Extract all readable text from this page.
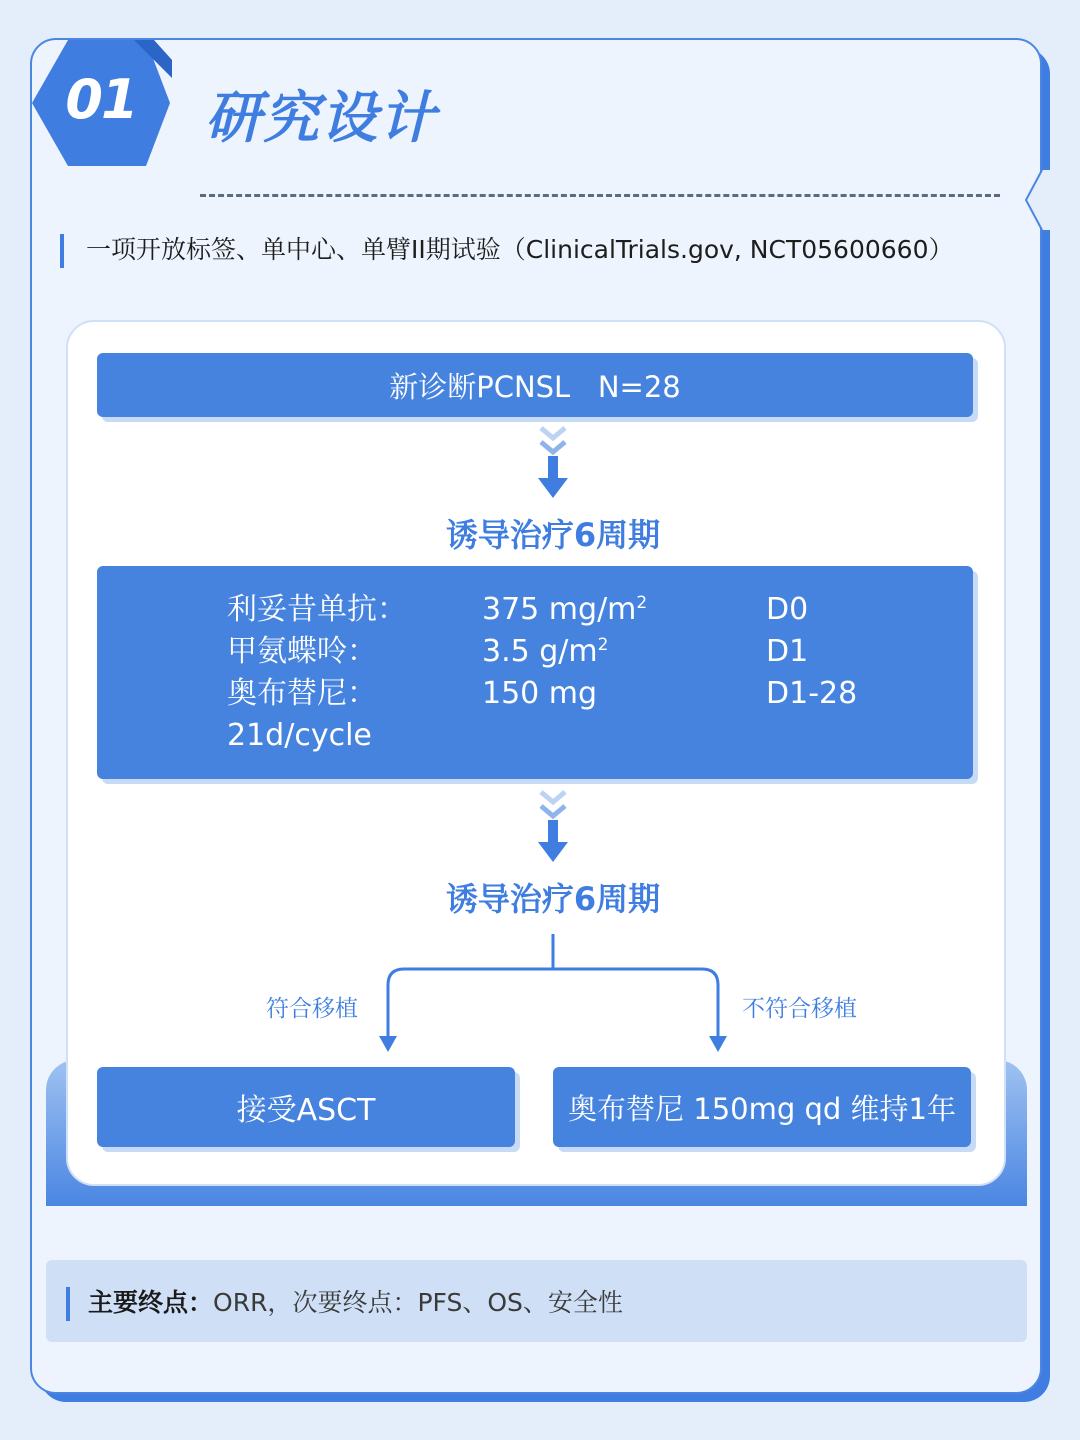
01	研究设计
一项开放标签、单中心、单臂II期试验（ClinicalTrials.gov, NCT05600660）
新诊断PCNSL   N=28
诱导治疗6周期
利妥昔单抗：	375 $mg/m^2$	D0
甲氨蝶呤：	3.5 $g/m^2$	D1
奥布替尼：	150 mg	D1-28
21d/cycle
诱导治疗6周期
符合移植	不符合移植
接受ASCT	奥布替尼 150mg qd 维持1年
主要终点：ORR，次要终点：PFS、OS、安全性
